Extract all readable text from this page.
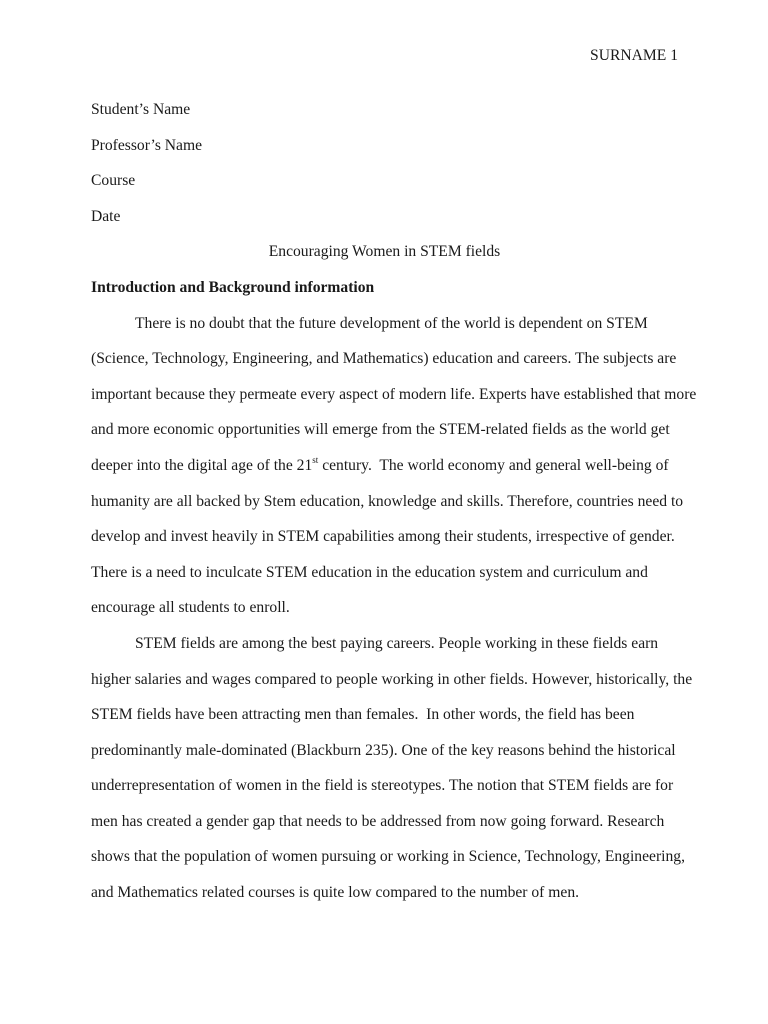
SURNAME 1
Student’s Name
Professor’s Name
Course
Date
Encouraging Women in STEM fields
Introduction and Background information
There is no doubt that the future development of the world is dependent on STEM
(Science, Technology, Engineering, and Mathematics) education and careers. The subjects are
important because they permeate every aspect of modern life. Experts have established that more
and more economic opportunities will emerge from the STEM-related fields as the world get
deeper into the digital age of the 21st century.  The world economy and general well-being of
humanity are all backed by Stem education, knowledge and skills. Therefore, countries need to
develop and invest heavily in STEM capabilities among their students, irrespective of gender.
There is a need to inculcate STEM education in the education system and curriculum and
encourage all students to enroll.
STEM fields are among the best paying careers. People working in these fields earn
higher salaries and wages compared to people working in other fields. However, historically, the
STEM fields have been attracting men than females.  In other words, the field has been
predominantly male-dominated (Blackburn 235). One of the key reasons behind the historical
underrepresentation of women in the field is stereotypes. The notion that STEM fields are for
men has created a gender gap that needs to be addressed from now going forward. Research
shows that the population of women pursuing or working in Science, Technology, Engineering,
and Mathematics related courses is quite low compared to the number of men.
